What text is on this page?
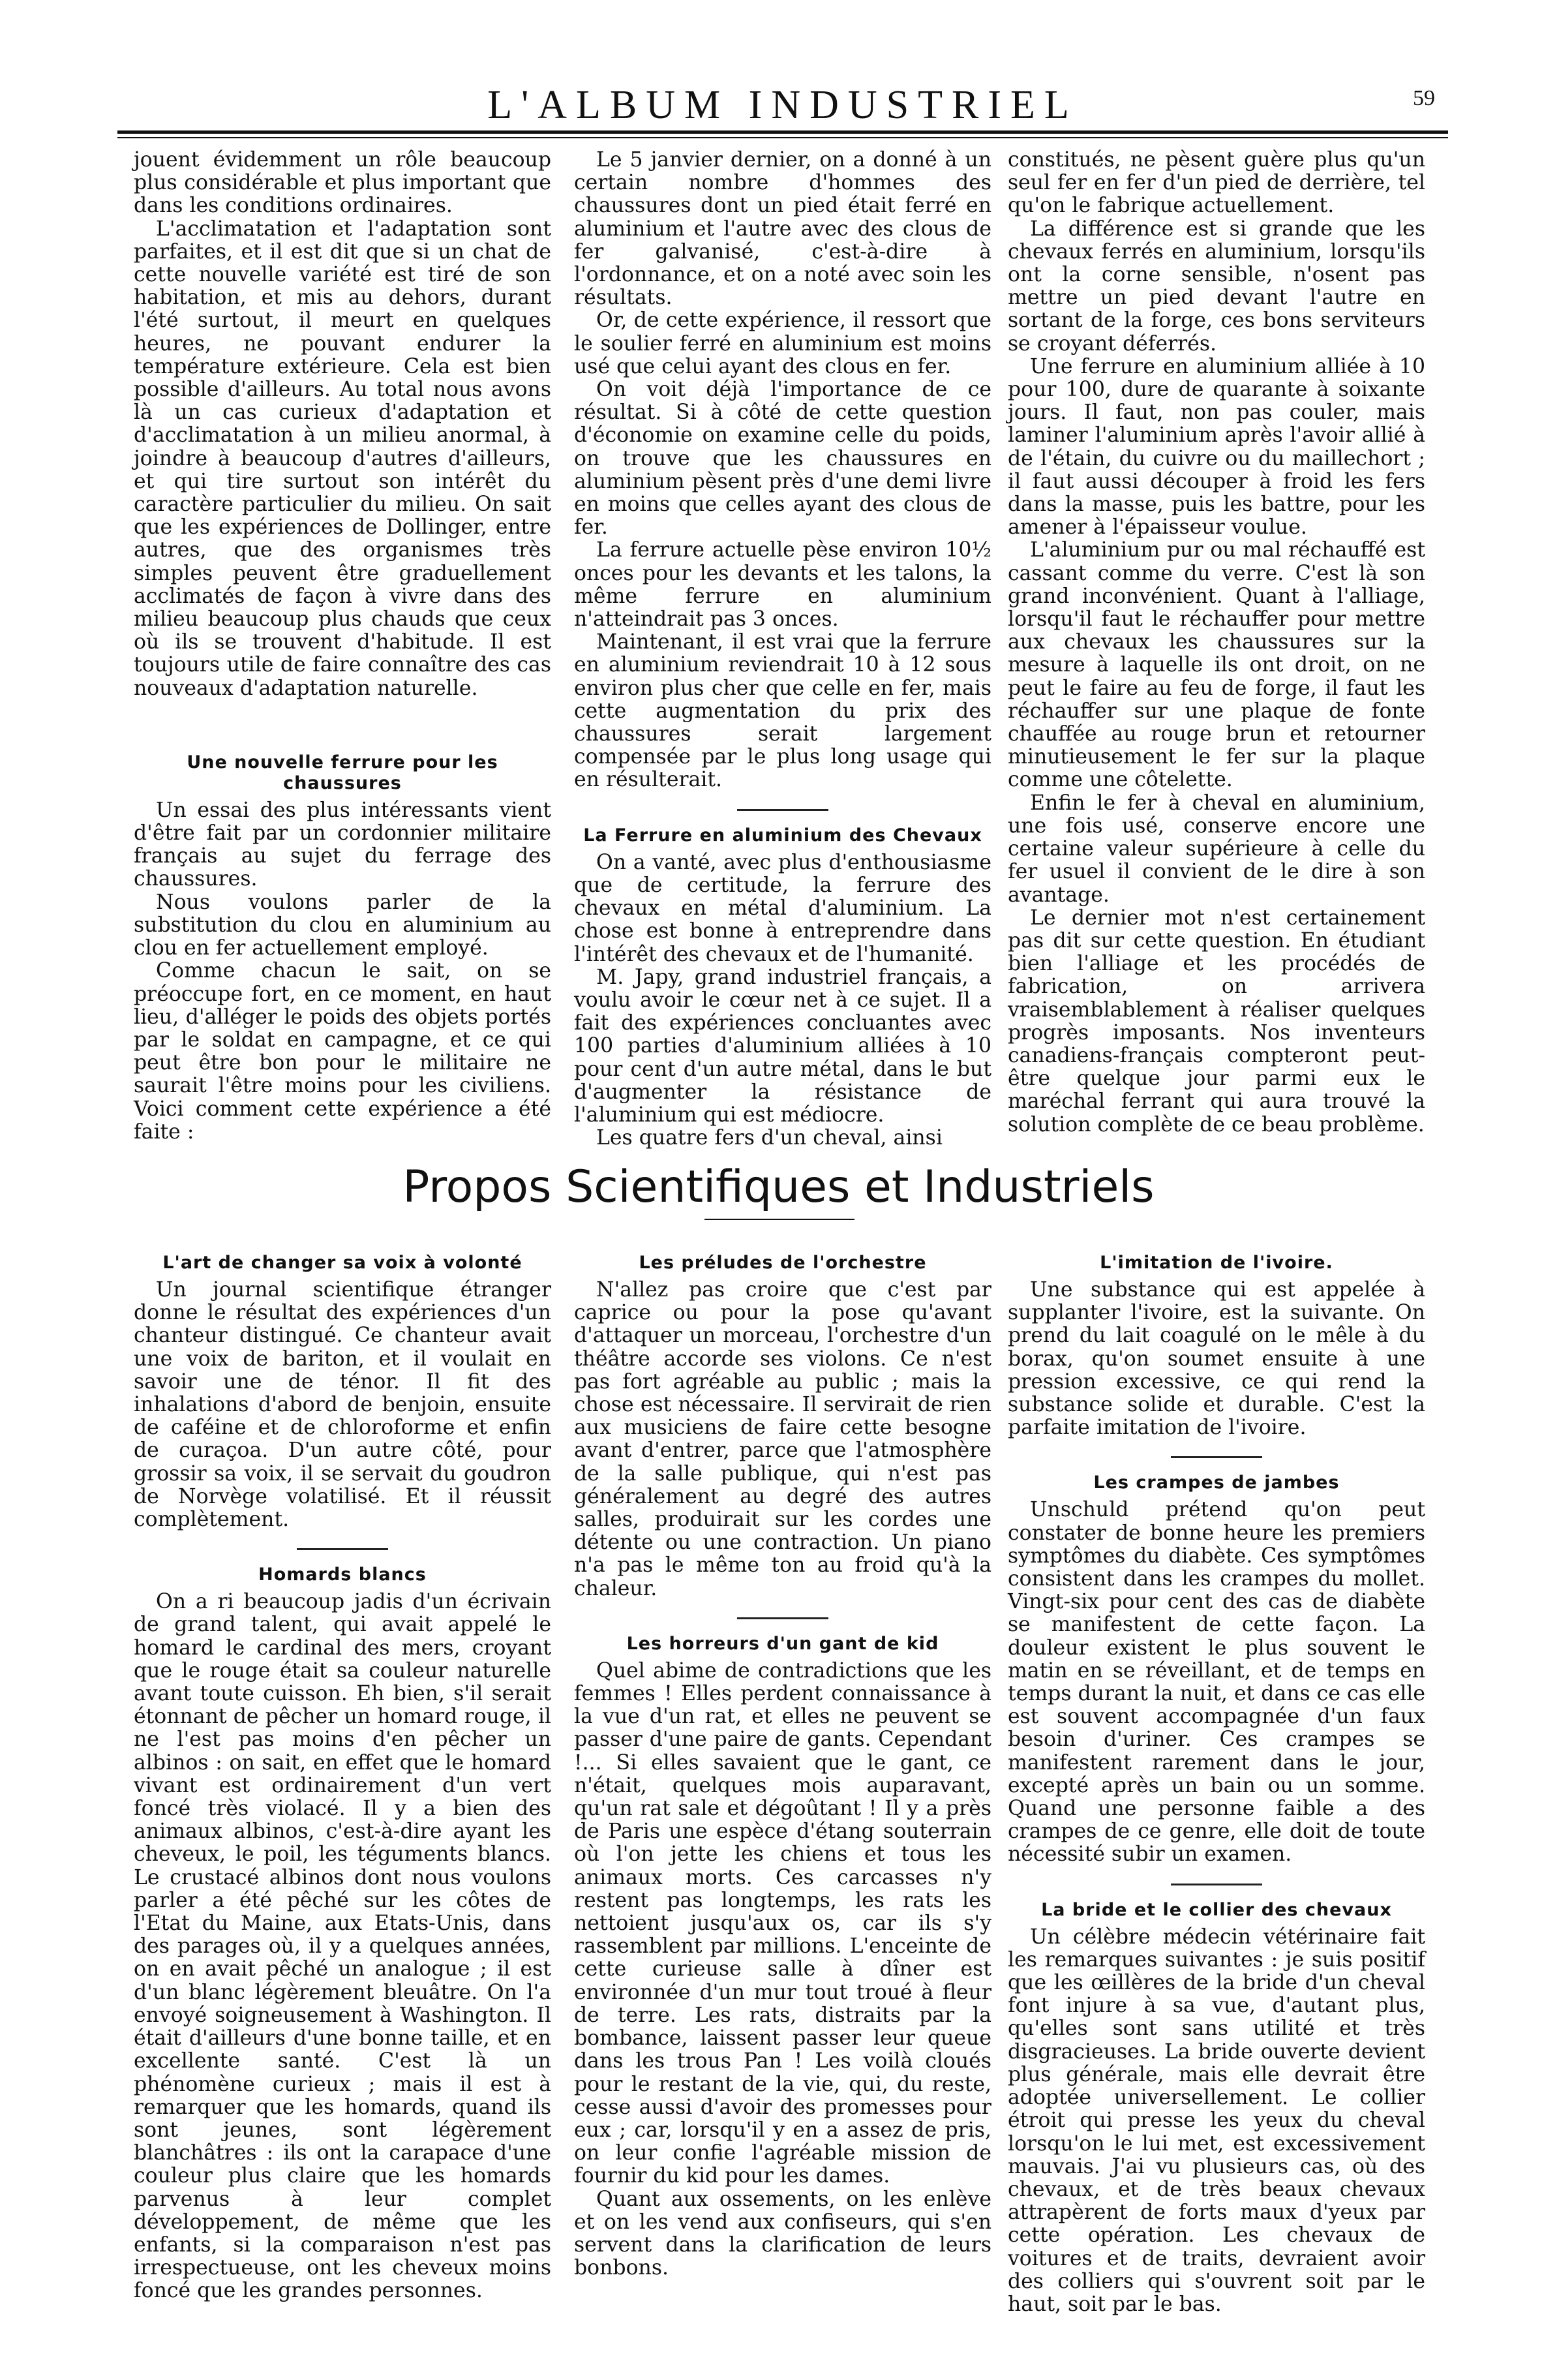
L'ALBUM INDUSTRIEL	59

jouent évidemment un rôle beaucoup plus considérable et plus important que dans les conditions ordinaires.

L'acclimatation et l'adaptation sont parfaites, et il est dit que si un chat de cette nouvelle variété est tiré de son habitation, et mis au dehors, durant l'été surtout, il meurt en quelques heures, ne pouvant endurer la température extérieure. Cela est bien possible d'ailleurs. Au total nous avons là un cas curieux d'adaptation et d'acclimatation à un milieu anormal, à joindre à beaucoup d'autres d'ailleurs, et qui tire surtout son intérêt du caractère particulier du milieu. On sait que les expériences de Dollinger, entre autres, que des organismes très simples peuvent être graduellement acclimatés de façon à vivre dans des milieu beaucoup plus chauds que ceux où ils se trouvent d'habitude. Il est toujours utile de faire connaître des cas nouveaux d'adaptation naturelle.

Une nouvelle ferrure pour les chaussures

Un essai des plus intéressants vient d'être fait par un cordonnier militaire français au sujet du ferrage des chaussures.

Nous voulons parler de la substitution du clou en aluminium au clou en fer actuellement employé.

Comme chacun le sait, on se préoccupe fort, en ce moment, en haut lieu, d'alléger le poids des objets portés par le soldat en campagne, et ce qui peut être bon pour le militaire ne saurait l'être moins pour les civiliens. Voici comment cette expérience a été faite :

Le 5 janvier dernier, on a donné à un certain nombre d'hommes des chaussures dont un pied était ferré en aluminium et l'autre avec des clous de fer galvanisé, c'est-à-dire à l'ordonnance, et on a noté avec soin les résultats.

Or, de cette expérience, il ressort que le soulier ferré en aluminium est moins usé que celui ayant des clous en fer.

On voit déjà l'importance de ce résultat. Si à côté de cette question d'économie on examine celle du poids, on trouve que les chaussures en aluminium pèsent près d'une demi livre en moins que celles ayant des clous de fer.

La ferrure actuelle pèse environ 10½ onces pour les devants et les talons, la même ferrure en aluminium n'atteindrait pas 3 onces.

Maintenant, il est vrai que la ferrure en aluminium reviendrait 10 à 12 sous environ plus cher que celle en fer, mais cette augmentation du prix des chaussures serait largement compensée par le plus long usage qui en résulterait.

La Ferrure en aluminium des Chevaux

On a vanté, avec plus d'enthousiasme que de certitude, la ferrure des chevaux en métal d'aluminium. La chose est bonne à entreprendre dans l'intérêt des chevaux et de l'humanité.

M. Japy, grand industriel français, a voulu avoir le cœur net à ce sujet. Il a fait des expériences concluantes avec 100 parties d'aluminium alliées à 10 pour cent d'un autre métal, dans le but d'augmenter la résistance de l'aluminium qui est médiocre.

Les quatre fers d'un cheval, ainsi

constitués, ne pèsent guère plus qu'un seul fer en fer d'un pied de derrière, tel qu'on le fabrique actuellement.

La différence est si grande que les chevaux ferrés en aluminium, lorsqu'ils ont la corne sensible, n'osent pas mettre un pied devant l'autre en sortant de la forge, ces bons serviteurs se croyant déferrés.

Une ferrure en aluminium alliée à 10 pour 100, dure de quarante à soixante jours. Il faut, non pas couler, mais laminer l'aluminium après l'avoir allié à de l'étain, du cuivre ou du maillechort ; il faut aussi découper à froid les fers dans la masse, puis les battre, pour les amener à l'épaisseur voulue.

L'aluminium pur ou mal réchauffé est cassant comme du verre. C'est là son grand inconvénient. Quant à l'alliage, lorsqu'il faut le réchauffer pour mettre aux chevaux les chaussures sur la mesure à laquelle ils ont droit, on ne peut le faire au feu de forge, il faut les réchauffer sur une plaque de fonte chauffée au rouge brun et retourner minutieusement le fer sur la plaque comme une côtelette.

Enfin le fer à cheval en aluminium, une fois usé, conserve encore une certaine valeur supérieure à celle du fer usuel il convient de le dire à son avantage.

Le dernier mot n'est certainement pas dit sur cette question. En étudiant bien l'alliage et les procédés de fabrication, on arrivera vraisemblablement à réaliser quelques progrès imposants. Nos inventeurs canadiens-français compteront peut-être quelque jour parmi eux le maréchal ferrant qui aura trouvé la solution complète de ce beau problème.

Propos Scientifiques et Industriels
L'art de changer sa voix à volonté

Un journal scientifique étranger donne le résultat des expériences d'un chanteur distingué. Ce chanteur avait une voix de bariton, et il voulait en savoir une de ténor. Il fit des inhalations d'abord de benjoin, ensuite de caféine et de chloroforme et enfin de curaçoa. D'un autre côté, pour grossir sa voix, il se servait du goudron de Norvège volatilisé. Et il réussit complètement.

Homards blancs

On a ri beaucoup jadis d'un écrivain de grand talent, qui avait appelé le homard le cardinal des mers, croyant que le rouge était sa couleur naturelle avant toute cuisson. Eh bien, s'il serait étonnant de pêcher un homard rouge, il ne l'est pas moins d'en pêcher un albinos : on sait, en effet que le homard vivant est ordinairement d'un vert foncé très violacé. Il y a bien des animaux albinos, c'est-à-dire ayant les cheveux, le poil, les téguments blancs. Le crustacé albinos dont nous voulons parler a été pêché sur les côtes de l'Etat du Maine, aux Etats-Unis, dans des parages où, il y a quelques années, on en avait pêché un analogue ; il est d'un blanc légèrement bleuâtre. On l'a envoyé soigneusement à Washington. Il était d'ailleurs d'une bonne taille, et en excellente santé. C'est là un phénomène curieux ; mais il est à remarquer que les homards, quand ils sont jeunes, sont légèrement blanchâtres : ils ont la carapace d'une couleur plus claire que les homards parvenus à leur complet développement, de même que les enfants, si la comparaison n'est pas irrespectueuse, ont les cheveux moins foncé que les grandes personnes.

Les préludes de l'orchestre

N'allez pas croire que c'est par caprice ou pour la pose qu'avant d'attaquer un morceau, l'orchestre d'un théâtre accorde ses violons. Ce n'est pas fort agréable au public ; mais la chose est nécessaire. Il servirait de rien aux musiciens de faire cette besogne avant d'entrer, parce que l'atmosphère de la salle publique, qui n'est pas généralement au degré des autres salles, produirait sur les cordes une détente ou une contraction. Un piano n'a pas le même ton au froid qu'à la chaleur.

Les horreurs d'un gant de kid

Quel abime de contradictions que les femmes ! Elles perdent connaissance à la vue d'un rat, et elles ne peuvent se passer d'une paire de gants. Cependant !... Si elles savaient que le gant, ce n'était, quelques mois auparavant, qu'un rat sale et dégoûtant ! Il y a près de Paris une espèce d'étang souterrain où l'on jette les chiens et tous les animaux morts. Ces carcasses n'y restent pas longtemps, les rats les nettoient jusqu'aux os, car ils s'y rassemblent par millions. L'enceinte de cette curieuse salle à dîner est environnée d'un mur tout troué à fleur de terre. Les rats, distraits par la bombance, laissent passer leur queue dans les trous Pan ! Les voilà cloués pour le restant de la vie, qui, du reste, cesse aussi d'avoir des promesses pour eux ; car, lorsqu'il y en a assez de pris, on leur confie l'agréable mission de fournir du kid pour les dames.

Quant aux ossements, on les enlève et on les vend aux confiseurs, qui s'en servent dans la clarification de leurs bonbons.

L'imitation de l'ivoire.

Une substance qui est appelée à supplanter l'ivoire, est la suivante. On prend du lait coagulé on le mêle à du borax, qu'on soumet ensuite à une pression excessive, ce qui rend la substance solide et durable. C'est la parfaite imitation de l'ivoire.

Les crampes de jambes

Unschuld prétend qu'on peut constater de bonne heure les premiers symptômes du diabète. Ces symptômes consistent dans les crampes du mollet. Vingt-six pour cent des cas de diabète se manifestent de cette façon. La douleur existent le plus souvent le matin en se réveillant, et de temps en temps durant la nuit, et dans ce cas elle est souvent accompagnée d'un faux besoin d'uriner. Ces crampes se manifestent rarement dans le jour, excepté après un bain ou un somme. Quand une personne faible a des crampes de ce genre, elle doit de toute nécessité subir un examen.

La bride et le collier des chevaux

Un célèbre médecin vétérinaire fait les remarques suivantes : je suis positif que les œillères de la bride d'un cheval font injure à sa vue, d'autant plus, qu'elles sont sans utilité et très disgracieuses. La bride ouverte devient plus générale, mais elle devrait être adoptée universellement. Le collier étroit qui presse les yeux du cheval lorsqu'on le lui met, est excessivement mauvais. J'ai vu plusieurs cas, où des chevaux, et de très beaux chevaux attrapèrent de forts maux d'yeux par cette opération. Les chevaux de voitures et de traits, devraient avoir des colliers qui s'ouvrent soit par le haut, soit par le bas.
